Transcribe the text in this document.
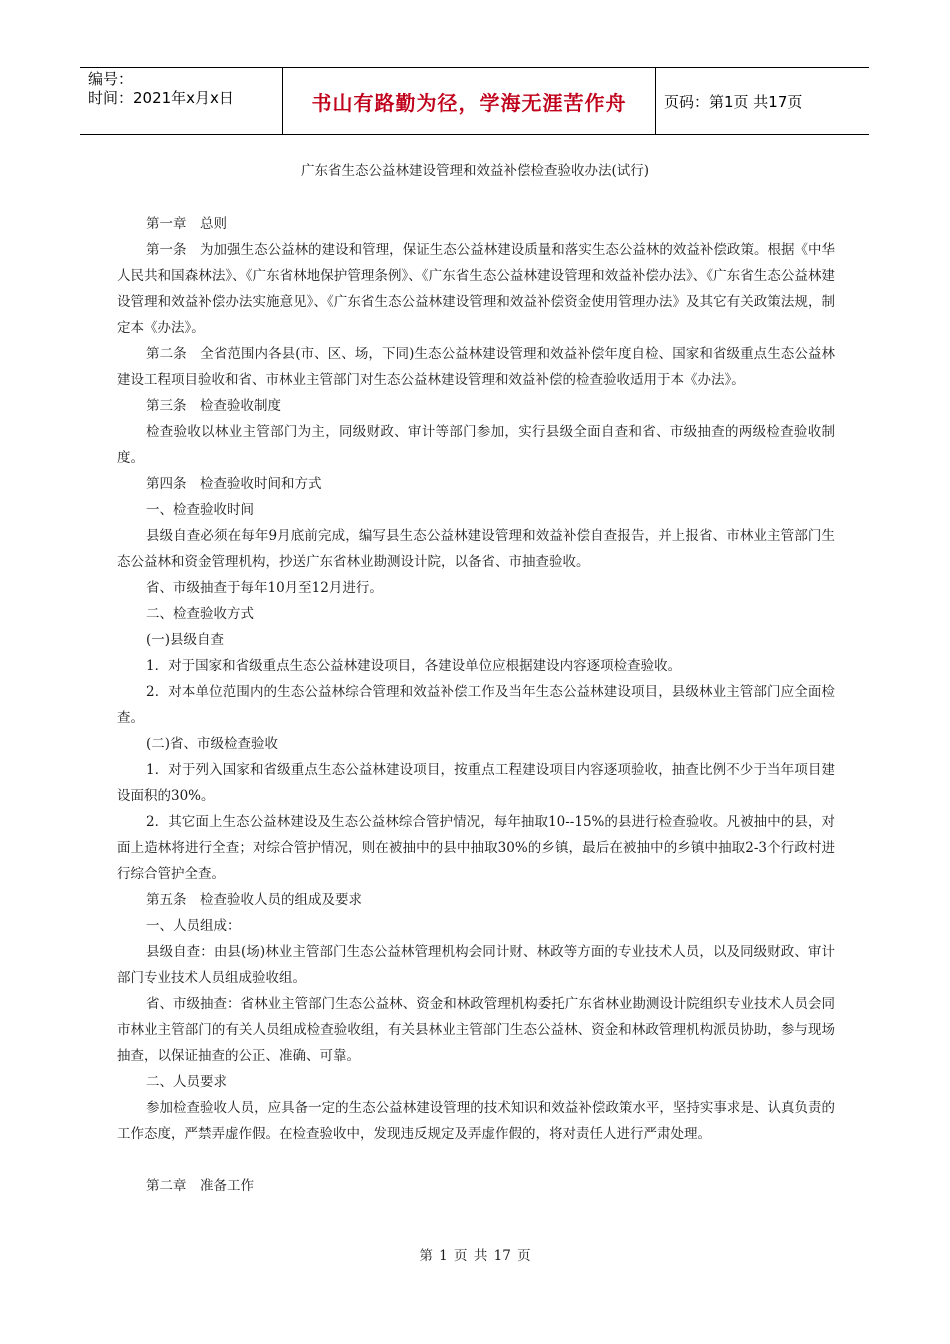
编号：
时间：2021年x月x日	书山有路勤为径，学海无涯苦作舟	页码：第1页 共17页
广东省生态公益林建设管理和效益补偿检查验收办法(试行)

第一章　总则

第一条　为加强生态公益林的建设和管理，保证生态公益林建设质量和落实生态公益林的效益补偿政策。根据《中华人民共和国森林法》、《广东省林地保护管理条例》、《广东省生态公益林建设管理和效益补偿办法》、《广东省生态公益林建设管理和效益补偿办法实施意见》、《广东省生态公益林建设管理和效益补偿资金使用管理办法》及其它有关政策法规，制定本《办法》。

第二条　全省范围内各县(市、区、场，下同)生态公益林建设管理和效益补偿年度自检、国家和省级重点生态公益林建设工程项目验收和省、市林业主管部门对生态公益林建设管理和效益补偿的检查验收适用于本《办法》。

第三条　检查验收制度

检查验收以林业主管部门为主，同级财政、审计等部门参加，实行县级全面自查和省、市级抽查的两级检查验收制度。

第四条　检查验收时间和方式

一、检查验收时间

县级自查必须在每年9月底前完成，编写县生态公益林建设管理和效益补偿自查报告，并上报省、市林业主管部门生态公益林和资金管理机构，抄送广东省林业勘测设计院，以备省、市抽查验收。

省、市级抽查于每年10月至12月进行。

二、检查验收方式

(一)县级自查

1．对于国家和省级重点生态公益林建设项目，各建设单位应根据建设内容逐项检查验收。

2．对本单位范围内的生态公益林综合管理和效益补偿工作及当年生态公益林建设项目，县级林业主管部门应全面检查。

(二)省、市级检查验收

1．对于列入国家和省级重点生态公益林建设项目，按重点工程建设项目内容逐项验收，抽查比例不少于当年项目建设面积的30%。

2．其它面上生态公益林建设及生态公益林综合管护情况，每年抽取10--15%的县进行检查验收。凡被抽中的县，对面上造林将进行全查；对综合管护情况，则在被抽中的县中抽取30%的乡镇，最后在被抽中的乡镇中抽取2-3个行政村进行综合管护全查。

第五条　检查验收人员的组成及要求

一、人员组成：

县级自查：由县(场)林业主管部门生态公益林管理机构会同计财、林政等方面的专业技术人员，以及同级财政、审计部门专业技术人员组成验收组。

省、市级抽查：省林业主管部门生态公益林、资金和林政管理机构委托广东省林业勘测设计院组织专业技术人员会同市林业主管部门的有关人员组成检查验收组，有关县林业主管部门生态公益林、资金和林政管理机构派员协助，参与现场抽查，以保证抽查的公正、准确、可靠。

二、人员要求

参加检查验收人员，应具备一定的生态公益林建设管理的技术知识和效益补偿政策水平，坚持实事求是、认真负责的工作态度，严禁弄虚作假。在检查验收中，发现违反规定及弄虚作假的，将对责任人进行严肃处理。

第二章　准备工作

第 1 页 共 17 页
